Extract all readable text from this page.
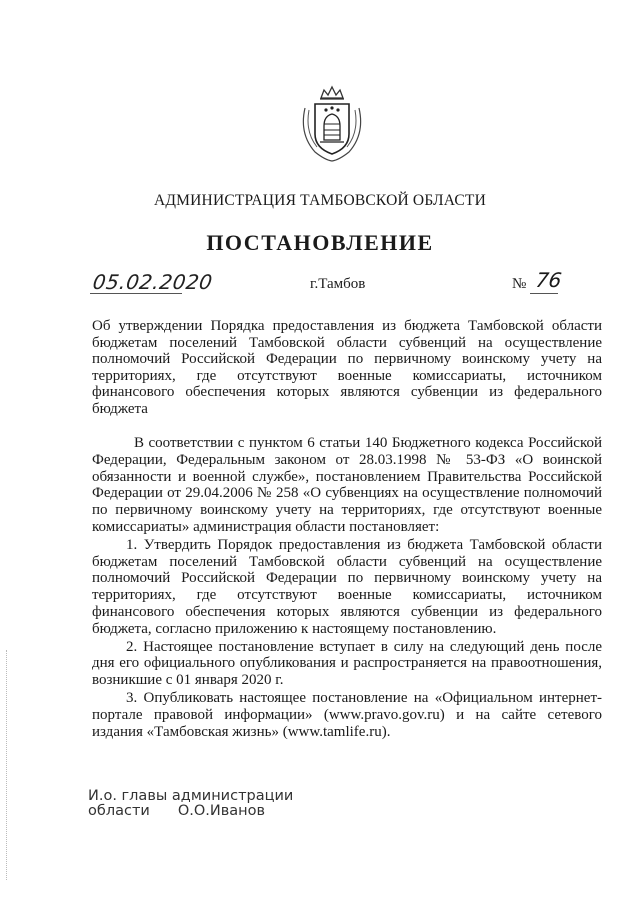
АДМИНИСТРАЦИЯ ТАМБОВСКОЙ ОБЛАСТИ
ПОСТАНОВЛЕНИЕ
05.02.2020	г.Тамбов	№ 76
Об утверждении Порядка предоставления из бюджета Тамбовской области бюджетам поселений Тамбовской области субвенций на осуществление полномочий Российской Федерации по первичному воинскому учету на территориях, где отсутствуют военные комиссариаты, источником финансового обеспечения которых являются субвенции из федерального бюджета

В соответствии с пунктом 6 статьи 140 Бюджетного кодекса Российской Федерации, Федеральным законом от 28.03.1998 № 53-ФЗ «О воинской обязанности и военной службе», постановлением Правительства Российской Федерации от 29.04.2006 № 258 «О субвенциях на осуществление полномочий по первичному воинскому учету на территориях, где отсутствуют военные комиссариаты» администрация области постановляет:

1. Утвердить Порядок предоставления из бюджета Тамбовской области бюджетам поселений Тамбовской области субвенций на осуществление полномочий Российской Федерации по первичному воинскому учету на территориях, где отсутствуют военные комиссариаты, источником финансового обеспечения которых являются субвенции из федерального бюджета, согласно приложению к настоящему постановлению.

2. Настоящее постановление вступает в силу на следующий день после дня его официального опубликования и распространяется на правоотношения, возникшие с 01 января 2020 г.

3. Опубликовать настоящее постановление на «Официальном интернет-портале правовой информации» (www.pravo.gov.ru) и на сайте сетевого издания «Тамбовская жизнь» (www.tamlife.ru).

И.о. главы администрации
области О.О.Иванов
